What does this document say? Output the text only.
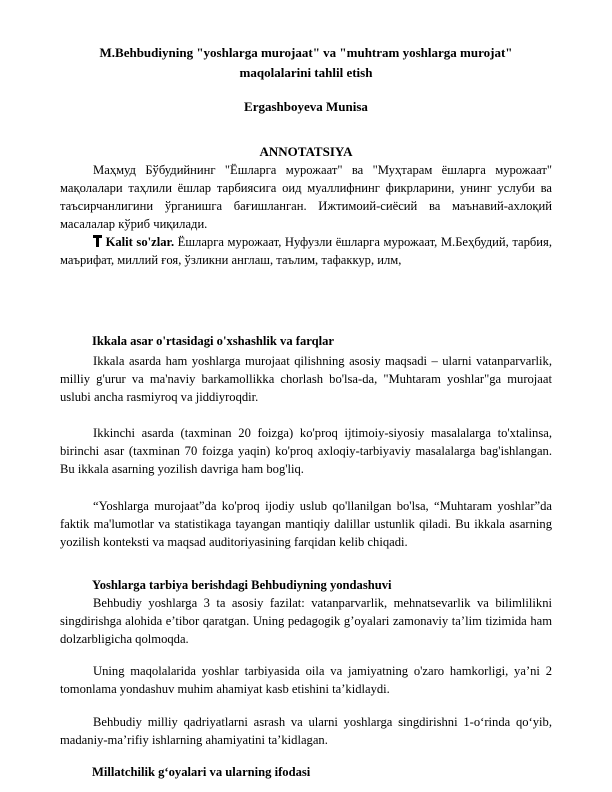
M.Behbudiyning "yoshlarga murojaat" va "muhtram yoshlarga murojat"
maqolalarini tahlil etish
Ergashboyeva Munisa
ANNOTATSIYA
Маҳмуд Бўбудийнинг "Ёшларга мурожаат" ва "Муҳтарам ёшларга мурожаат" мақолалари таҳлили ёшлар тарбиясига оид муаллифнинг фикрларини, унинг услуби ва таъсирчанлигини ўрганишга бағишланган. Ижтимоий-сиёсий ва маънавий-ахлоқий масалалар кўриб чиқилади.
Kalit so'zlar. Ёшларга мурожаат, Нуфузли ёшларга мурожаат, М.Беҳбудий, тарбия, маърифат, миллий ғоя, ўзликни англаш, таълим, тафаккур, илм,
Ikkala asar o'rtasidagi o'xshashlik va farqlar
Ikkala asarda ham yoshlarga murojaat qilishning asosiy maqsadi – ularni vatanparvarlik, milliy g'urur va ma'naviy barkamollikka chorlash bo'lsa-da, "Muhtaram yoshlar"ga murojaat uslubi ancha rasmiyroq va jiddiyroqdir.
Ikkinchi asarda (taxminan 20 foizga) ko'proq ijtimoiy-siyosiy masalalarga to'xtalinsa, birinchi asar (taxminan 70 foizga yaqin) ko'proq axloqiy-tarbiyaviy masalalarga bag'ishlangan. Bu ikkala asarning yozilish davriga ham bog'liq.
“Yoshlarga murojaat”da ko'proq ijodiy uslub qo'llanilgan bo'lsa, “Muhtaram yoshlar”da faktik ma'lumotlar va statistikaga tayangan mantiqiy dalillar ustunlik qiladi. Bu ikkala asarning yozilish konteksti va maqsad auditoriyasining farqidan kelib chiqadi.
Yoshlarga tarbiya berishdagi Behbudiyning yondashuvi
Behbudiy yoshlarga 3 ta asosiy fazilat: vatanparvarlik, mehnatsevarlik va bilimlilikni singdirishga alohida e’tibor qaratgan. Uning pedagogik g’oyalari zamonaviy ta’lim tizimida ham dolzarbligicha qolmoqda.
Uning maqolalarida yoshlar tarbiyasida oila va jamiyatning o'zaro hamkorligi, ya’ni 2 tomonlama yondashuv muhim ahamiyat kasb etishini ta’kidlaydi.
Behbudiy milliy qadriyatlarni asrash va ularni yoshlarga singdirishni 1-o‘rinda qo‘yib, madaniy-ma’rifiy ishlarning ahamiyatini ta’kidlagan.
Millatchilik g‘oyalari va ularning ifodasi
